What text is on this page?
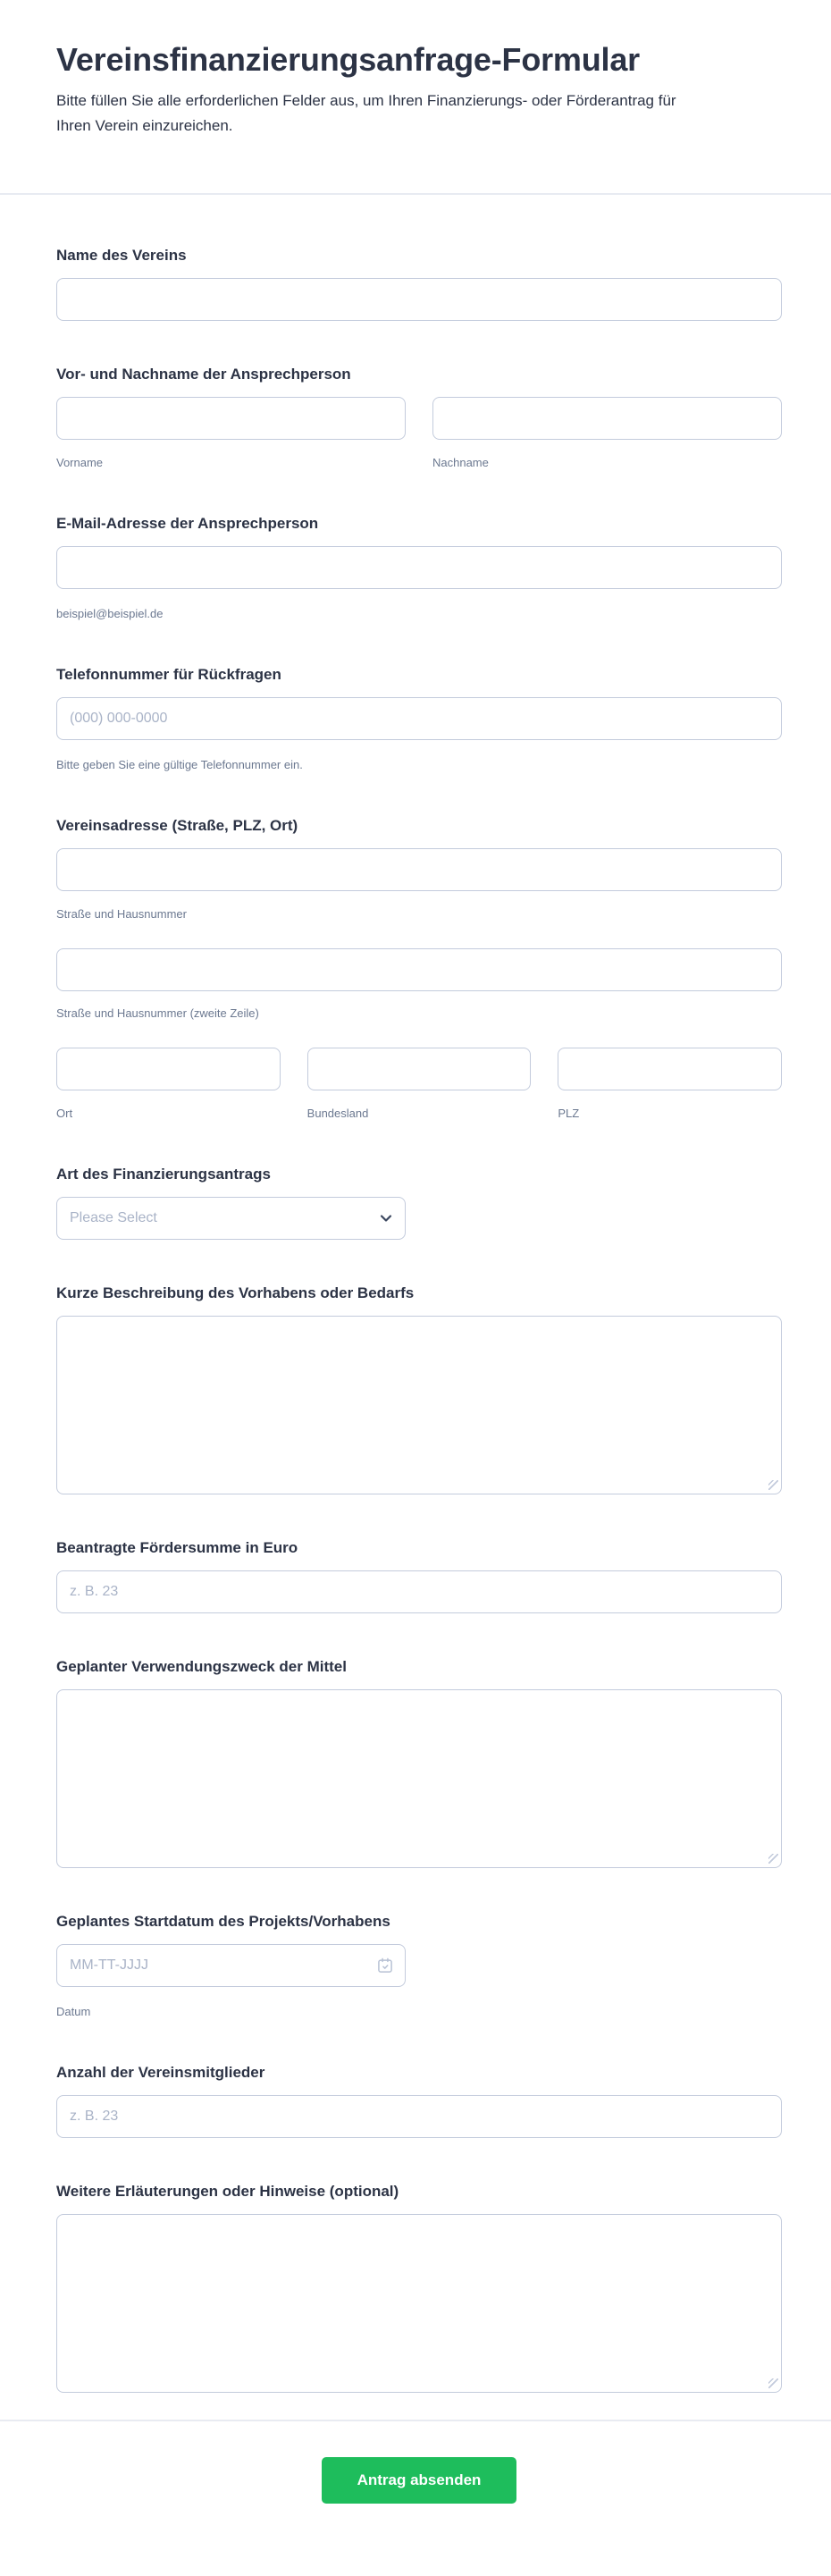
Vereinsfinanzierungsanfrage-Formular

Bitte füllen Sie alle erforderlichen Felder aus, um Ihren Finanzierungs- oder Förderantrag für Ihren Verein einzureichen.

Name des Vereins
Vor- und Nachname der Ansprechperson
Vorname	Nachname
E-Mail-Adresse der Ansprechperson
beispiel@beispiel.de
Telefonnummer für Rückfragen
(000) 000-0000
Bitte geben Sie eine gültige Telefonnummer ein.
Vereinsadresse (Straße, PLZ, Ort)
Straße und Hausnummer
Straße und Hausnummer (zweite Zeile)
Ort	Bundesland	PLZ
Art des Finanzierungsantrags
Please Select
Kurze Beschreibung des Vorhabens oder Bedarfs
Beantragte Fördersumme in Euro
z. B. 23
Geplanter Verwendungszweck der Mittel
Geplantes Startdatum des Projekts/Vorhabens
MM-TT-JJJJ
Datum
Anzahl der Vereinsmitglieder
z. B. 23
Weitere Erläuterungen oder Hinweise (optional)
Antrag absenden
